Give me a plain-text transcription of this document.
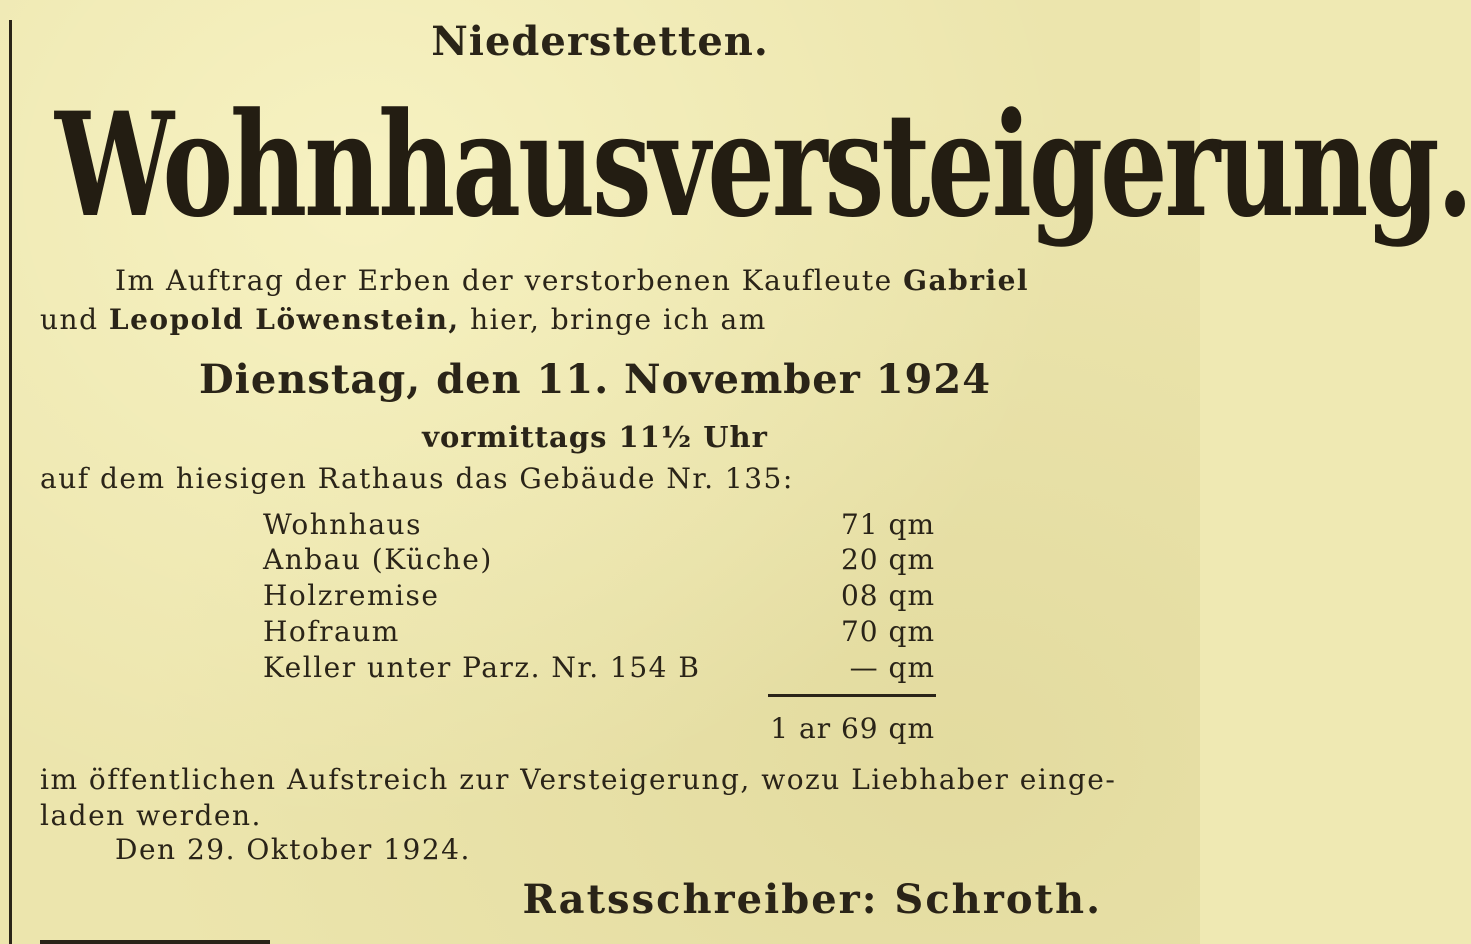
Niederstetten.
Wohnhausversteigerung.
Im Auftrag der Erben der verstorbenen Kaufleute Gabriel
und Leopold Löwenstein, hier, bringe ich am
Dienstag, den 11. November 1924
vormittags 11½ Uhr
auf dem hiesigen Rathaus das Gebäude Nr. 135:
Wohnhaus	71 qm
Anbau (Küche)	20 qm
Holzremise	08 qm
Hofraum	70 qm
Keller unter Parz. Nr. 154 B	— qm
1 ar 69 qm
im öffentlichen Aufstreich zur Versteigerung, wozu Liebhaber einge-
laden werden.
Den 29. Oktober 1924.
Ratsschreiber: Schroth.
